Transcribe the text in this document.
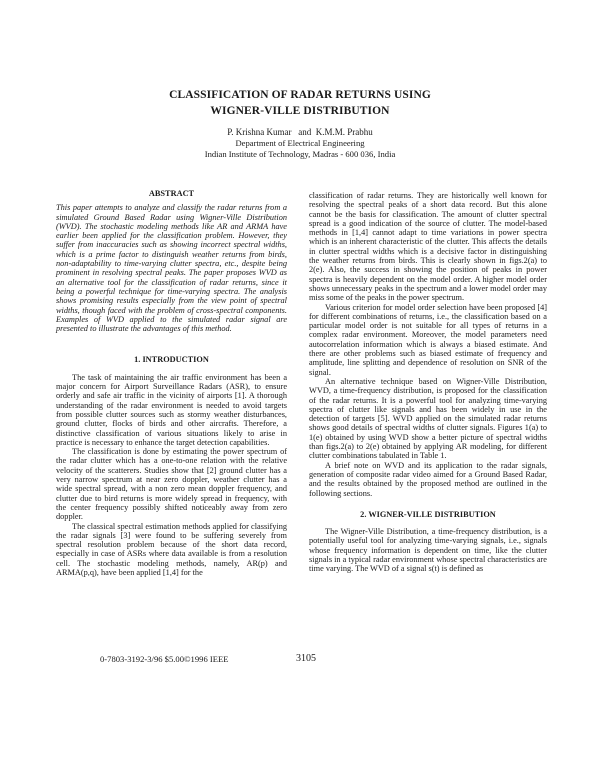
CLASSIFICATION OF RADAR RETURNS USING
WIGNER-VILLE DISTRIBUTION
P. Krishna Kumar   and  K.M.M. Prabhu
Department of Electrical Engineering
Indian Institute of Technology, Madras - 600 036, India

ABSTRACT

This paper attempts to analyze and classify the radar returns from a simulated Ground Based Radar using Wigner-Ville Distribution (WVD). The stochastic modeling methods like AR and ARMA have earlier been applied for the classification problem. However, they suffer from inaccuracies such as showing incorrect spectral widths, which is a prime factor to distinguish weather returns from birds, non-adaptability to time-varying clutter spectra, etc., despite being prominent in resolving spectral peaks. The paper proposes WVD as an alternative tool for the classification of radar returns, since it being a powerful technique for time-varying spectra. The analysis shows promising results especially from the view point of spectral widths, though faced with the problem of cross-spectral components. Examples of WVD applied to the simulated radar signal are presented to illustrate the advantages of this method.

1. INTRODUCTION

The task of maintaining the air traffic environment has been a major concern for Airport Surveillance Radars (ASR), to ensure orderly and safe air traffic in the vicinity of airports [1]. A thorough understanding of the radar environment is needed to avoid targets from possible clutter sources such as stormy weather disturbances, ground clutter, flocks of birds and other aircrafts. Therefore, a distinctive classification of various situations likely to arise in practice is necessary to enhance the target detection capabilities.

The classification is done by estimating the power spectrum of the radar clutter which has a one-to-one relation with the relative velocity of the scatterers. Studies show that [2] ground clutter has a very narrow spectrum at near zero doppler, weather clutter has a wide spectral spread, with a non zero mean doppler frequency, and clutter due to bird returns is more widely spread in frequency, with the center frequency possibly shifted noticeably away from zero doppler.

The classical spectral estimation methods applied for classifying the radar signals [3] were found to be suffering severely from spectral resolution problem because of the short data record, especially in case of ASRs where data available is from a resolution cell. The stochastic modeling methods, namely, AR(p) and ARMA(p,q), have been applied [1,4] for the

classification of radar returns. They are historically well known for resolving the spectral peaks of a short data record. But this alone cannot be the basis for classification. The amount of clutter spectral spread is a good indication of the source of clutter. The model-based methods in [1,4] cannot adapt to time variations in power spectra which is an inherent characteristic of the clutter. This affects the details in clutter spectral widths which is a decisive factor in distinguishing the weather returns from birds. This is clearly shown in figs.2(a) to 2(e). Also, the success in showing the position of peaks in power spectra is heavily dependent on the model order. A higher model order shows unnecessary peaks in the spectrum and a lower model order may miss some of the peaks in the power spectrum.

Various criterion for model order selection have been proposed [4] for different combinations of returns, i.e., the classification based on a particular model order is not suitable for all types of returns in a complex radar environment. Moreover, the model parameters need autocorrelation information which is always a biased estimate. And there are other problems such as biased estimate of frequency and amplitude, line splitting and dependence of resolution on SNR of the signal.

An alternative technique based on Wigner-Ville Distribution, WVD, a time-frequency distribution, is proposed for the classification of the radar returns. It is a powerful tool for analyzing time-varying spectra of clutter like signals and has been widely in use in the detection of targets [5]. WVD applied on the simulated radar returns shows good details of spectral widths of clutter signals. Figures 1(a) to 1(e) obtained by using WVD show a better picture of spectral widths than figs.2(a) to 2(e) obtained by applying AR modeling, for different clutter combinations tabulated in Table 1.

A brief note on WVD and its application to the radar signals, generation of composite radar video aimed for a Ground Based Radar, and the results obtained by the proposed method are outlined in the following sections.

2. WIGNER-VILLE DISTRIBUTION

The Wigner-Ville Distribution, a time-frequency distribution, is a potentially useful tool for analyzing time-varying signals, i.e., signals whose frequency information is dependent on time, like the clutter signals in a typical radar environment whose spectral characteristics are time varying. The WVD of a signal s(t) is defined as

0-7803-3192-3/96 $5.00©1996 IEEE	3105
